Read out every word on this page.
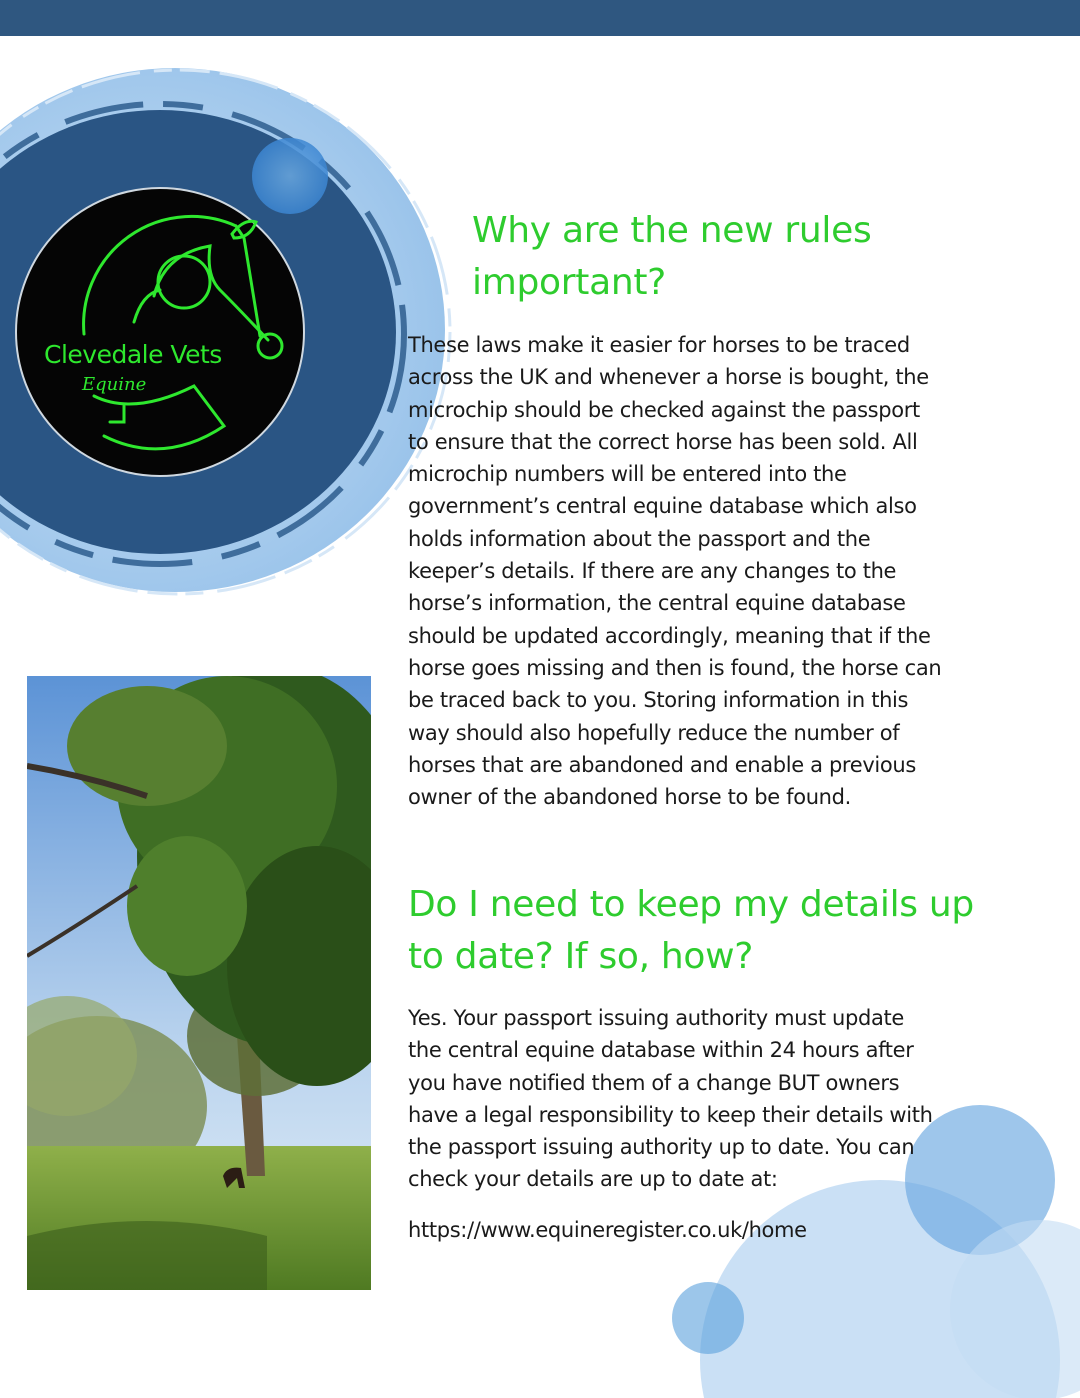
Clevedale Vets
Equine
Why are the new rules
important?

These laws make it easier for horses to be traced
across the UK and whenever a horse is bought, the
microchip should be checked against the passport
to ensure that the correct horse has been sold. All
microchip numbers will be entered into the
government’s central equine database which also
holds information about the passport and the
keeper’s details. If there are any changes to the
horse’s information, the central equine database
should be updated accordingly, meaning that if the
horse goes missing and then is found, the horse can
be traced back to you. Storing information in this
way should also hopefully reduce the number of
horses that are abandoned and enable a previous
owner of the abandoned horse to be found.

Do I need to keep my details up
to date? If so, how?

Yes. Your passport issuing authority must update
the central equine database within 24 hours after
you have notified them of a change BUT owners
have a legal responsibility to keep their details with
the passport issuing authority up to date. You can
check your details are up to date at:

https://www.equineregister.co.uk/home
